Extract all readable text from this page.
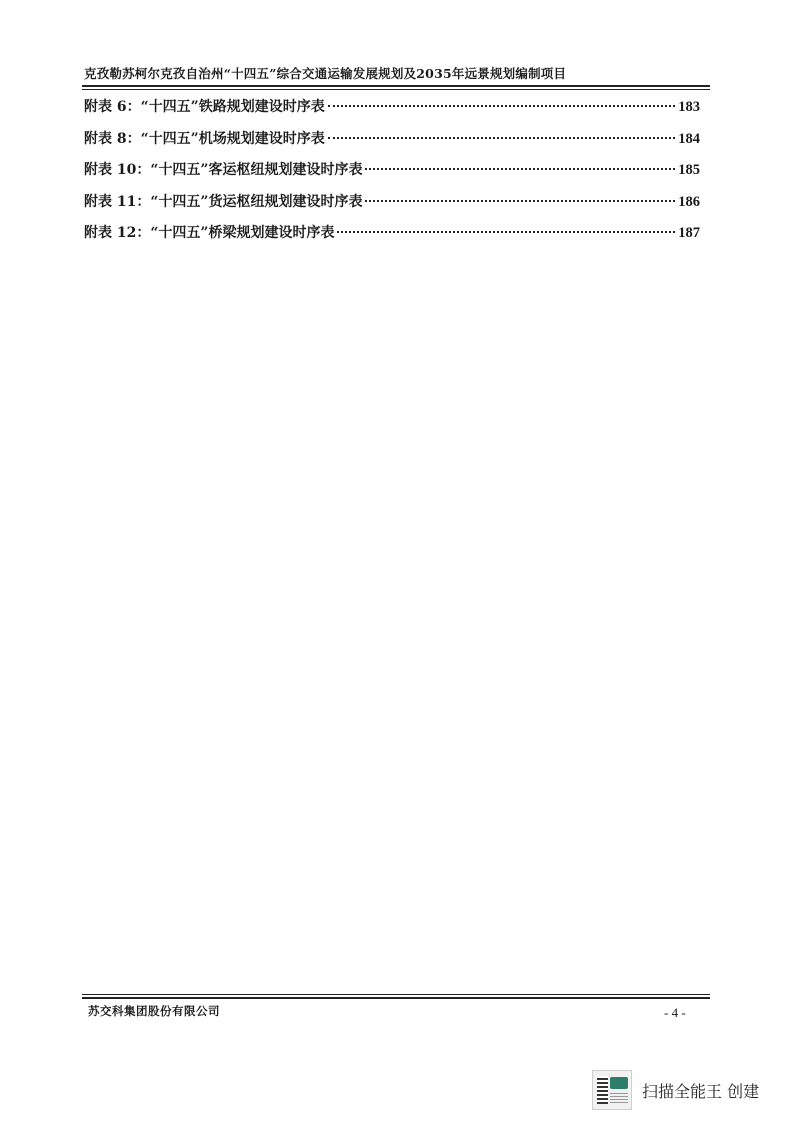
克孜勒苏柯尔克孜自治州“十四五”综合交通运输发展规划及2035年远景规划编制项目
附表 6：“十四五”铁路规划建设时序表	183
附表 8：“十四五”机场规划建设时序表	184
附表 10：“十四五”客运枢纽规划建设时序表	185
附表 11：“十四五”货运枢纽规划建设时序表	186
附表 12：“十四五”桥梁规划建设时序表	187
苏交科集团股份有限公司	- 4 -
扫描全能王 创建
